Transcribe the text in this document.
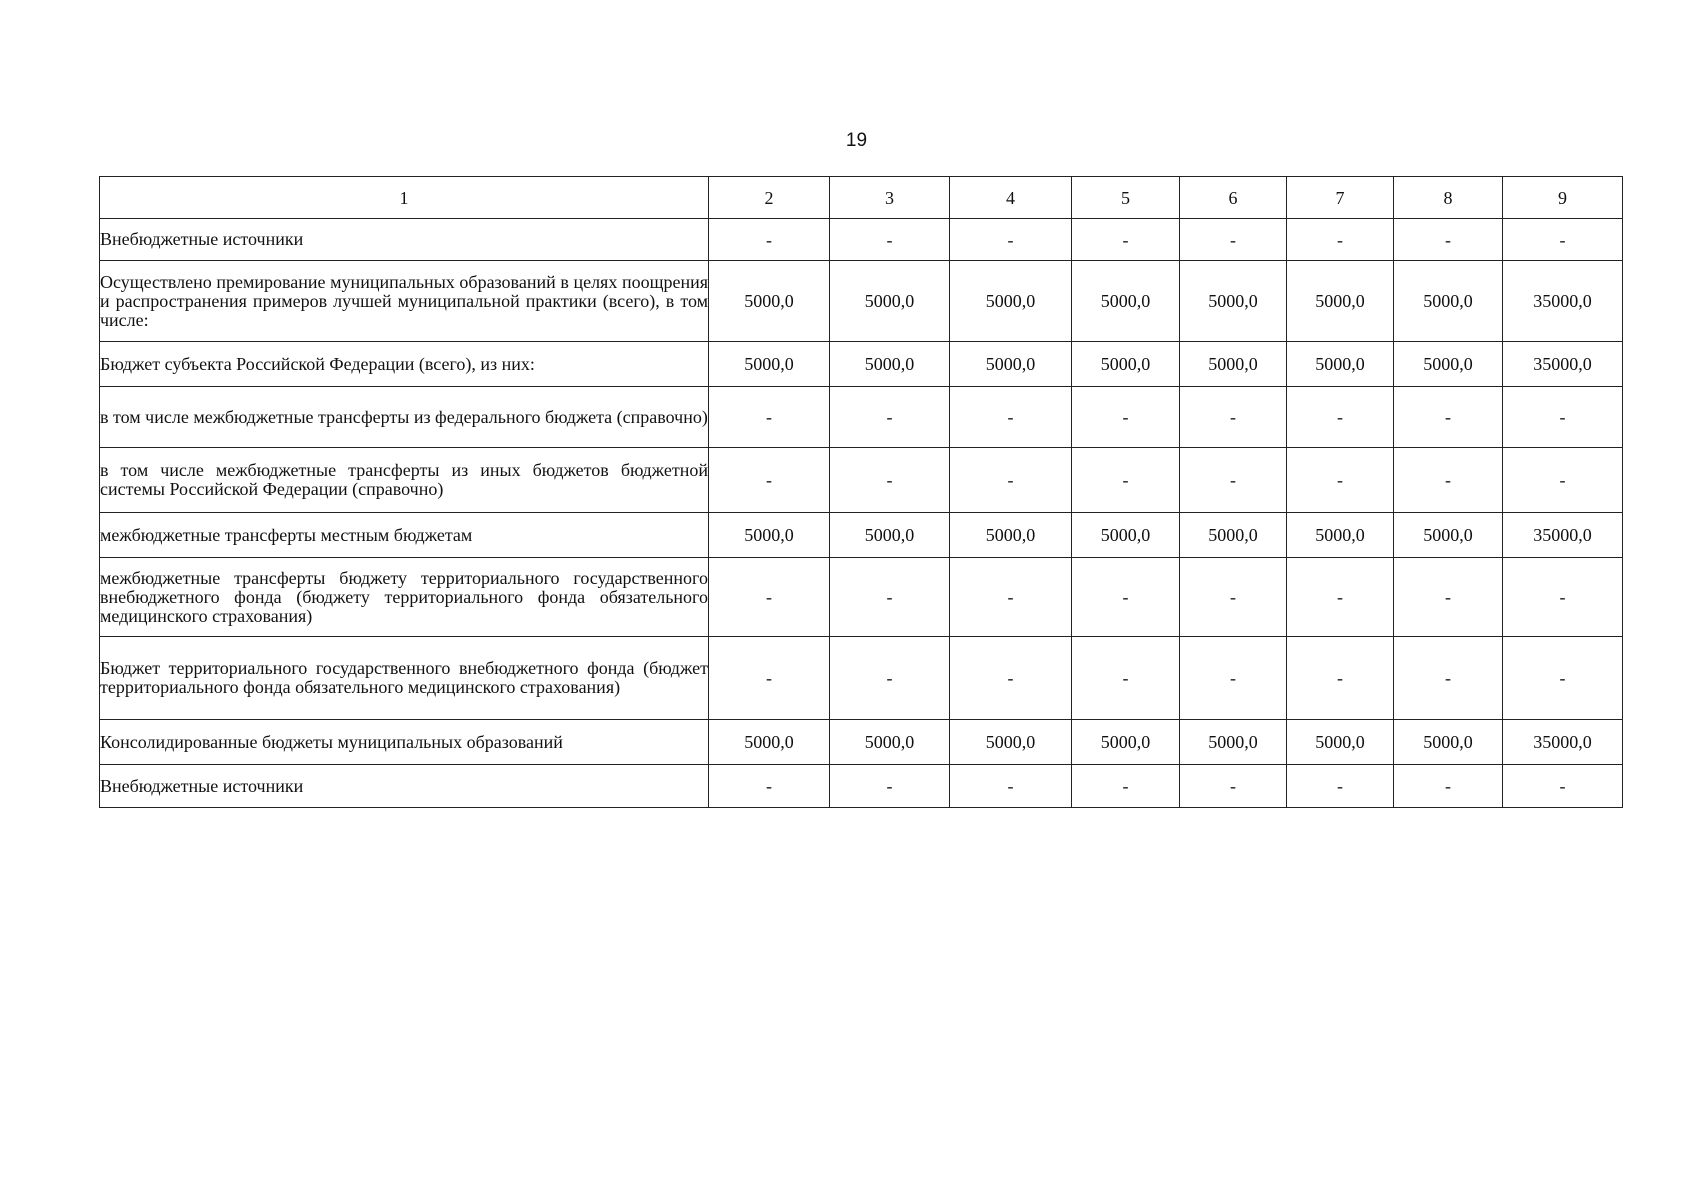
19
1	2	3	4	5	6	7	8	9
Внебюджетные источники	-	-	-	-	-	-	-	-
Осуществлено премирование муниципальных образований в целях поощрения и распространения примеров лучшей муниципальной практики (всего), в том числе:	5000,0	5000,0	5000,0	5000,0	5000,0	5000,0	5000,0	35000,0
Бюджет субъекта Российской Федерации (всего), из них:	5000,0	5000,0	5000,0	5000,0	5000,0	5000,0	5000,0	35000,0
в том числе межбюджетные трансферты из федерального бюджета (справочно)	-	-	-	-	-	-	-	-
в том числе межбюджетные трансферты из иных бюджетов бюджетной системы Российской Федерации (справочно)	-	-	-	-	-	-	-	-
межбюджетные трансферты местным бюджетам	5000,0	5000,0	5000,0	5000,0	5000,0	5000,0	5000,0	35000,0
межбюджетные трансферты бюджету территориального государственного внебюджетного фонда (бюджету территориального фонда обязательного медицинского страхования)	-	-	-	-	-	-	-	-
Бюджет территориального государственного внебюджетного фонда (бюджет территориального фонда обязательного медицинского страхования)	-	-	-	-	-	-	-	-
Консолидированные бюджеты муниципальных образований	5000,0	5000,0	5000,0	5000,0	5000,0	5000,0	5000,0	35000,0
Внебюджетные источники	-	-	-	-	-	-	-	-
